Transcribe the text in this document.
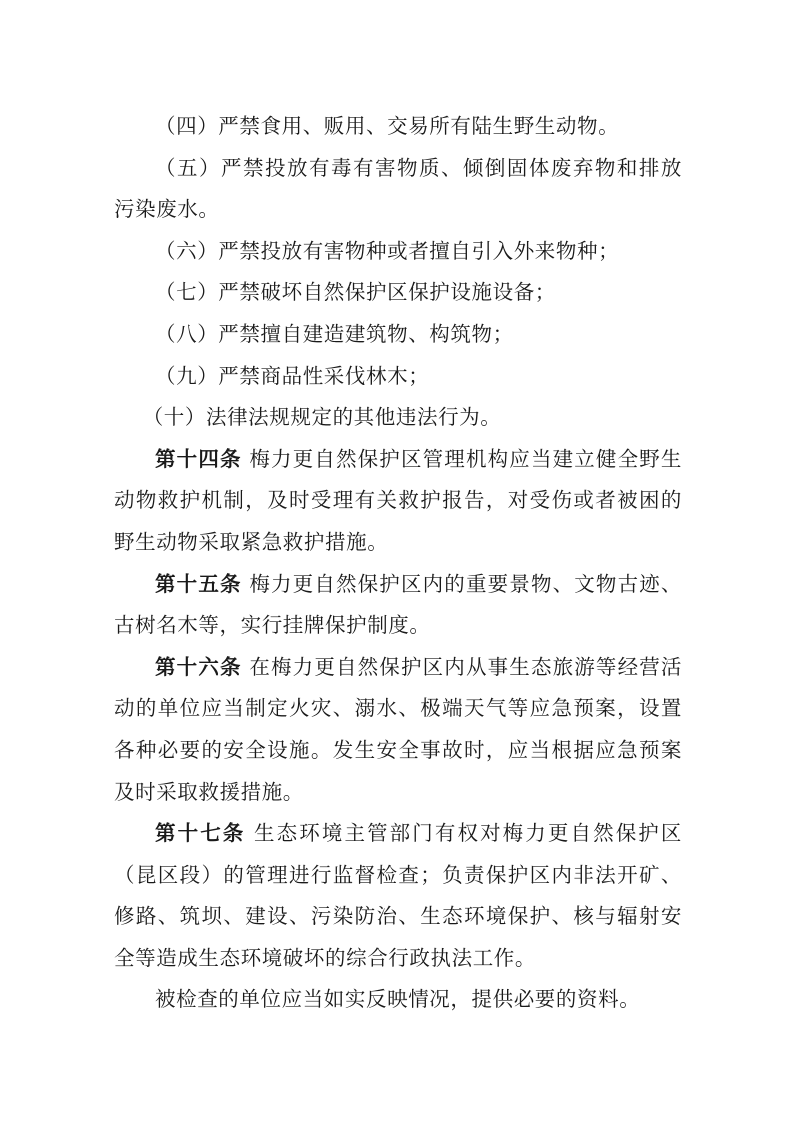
（四）严禁食用、贩用、交易所有陆生野生动物。

（五）严禁投放有毒有害物质、倾倒固体废弃物和排放污染废水。

（六）严禁投放有害物种或者擅自引入外来物种；

（七）严禁破坏自然保护区保护设施设备；

（八）严禁擅自建造建筑物、构筑物；

（九）严禁商品性采伐林木；

（十）法律法规规定的其他违法行为。

第十四条 梅力更自然保护区管理机构应当建立健全野生动物救护机制，及时受理有关救护报告，对受伤或者被困的野生动物采取紧急救护措施。

第十五条 梅力更自然保护区内的重要景物、文物古迹、古树名木等，实行挂牌保护制度。

第十六条 在梅力更自然保护区内从事生态旅游等经营活动的单位应当制定火灾、溺水、极端天气等应急预案，设置各种必要的安全设施。发生安全事故时，应当根据应急预案及时采取救援措施。

第十七条 生态环境主管部门有权对梅力更自然保护区（昆区段）的管理进行监督检查；负责保护区内非法开矿、修路、筑坝、建设、污染防治、生态环境保护、核与辐射安全等造成生态环境破坏的综合行政执法工作。

被检查的单位应当如实反映情况，提供必要的资料。
